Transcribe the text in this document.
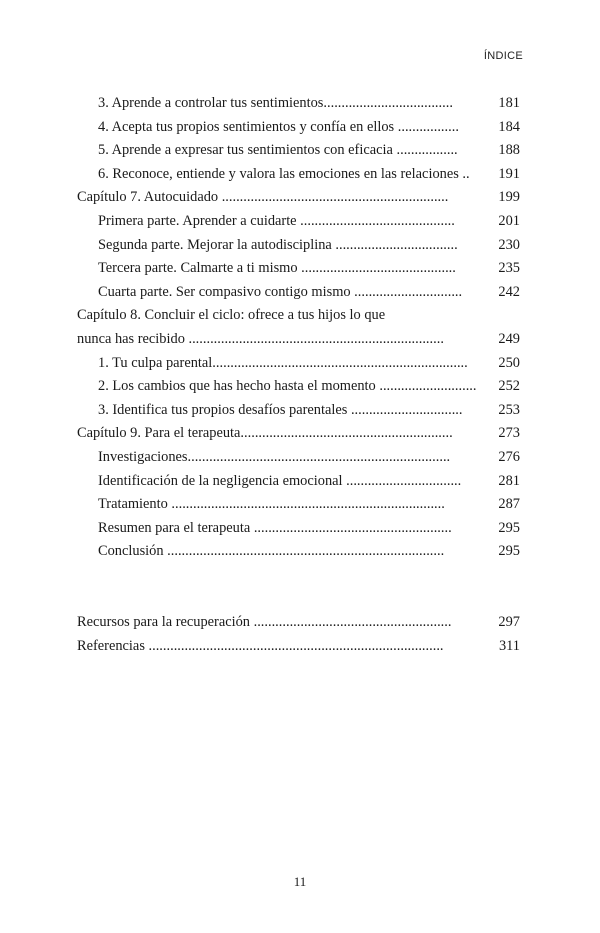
ÍNDICE
3. Aprende a controlar tus sentimientos....................................	181
4. Acepta tus propios sentimientos y confía en ellos .................	184
5. Aprende a expresar tus sentimientos con eficacia .................	188
6. Reconoce, entiende y valora las emociones en las relaciones ..	191
Capítulo 7. Autocuidado ...............................................................	199
Primera parte. Aprender a cuidarte ...........................................	201
Segunda parte. Mejorar la autodisciplina ..................................	230
Tercera parte. Calmarte a ti mismo ...........................................	235
Cuarta parte. Ser compasivo contigo mismo ..............................	242
Capítulo 8. Concluir el ciclo: ofrece a tus hijos lo que
nunca has recibido .......................................................................	249
1. Tu culpa parental.......................................................................	250
2. Los cambios que has hecho hasta el momento ...........................	252
3. Identifica tus propios desafíos parentales ...............................	253
Capítulo 9. Para el terapeuta...........................................................	273
Investigaciones.........................................................................	276
Identificación de la negligencia emocional ................................	281
Tratamiento ............................................................................	287
Resumen para el terapeuta .......................................................	295
Conclusión .............................................................................	295
Recursos para la recuperación .......................................................	297
Referencias ..................................................................................	311
11
